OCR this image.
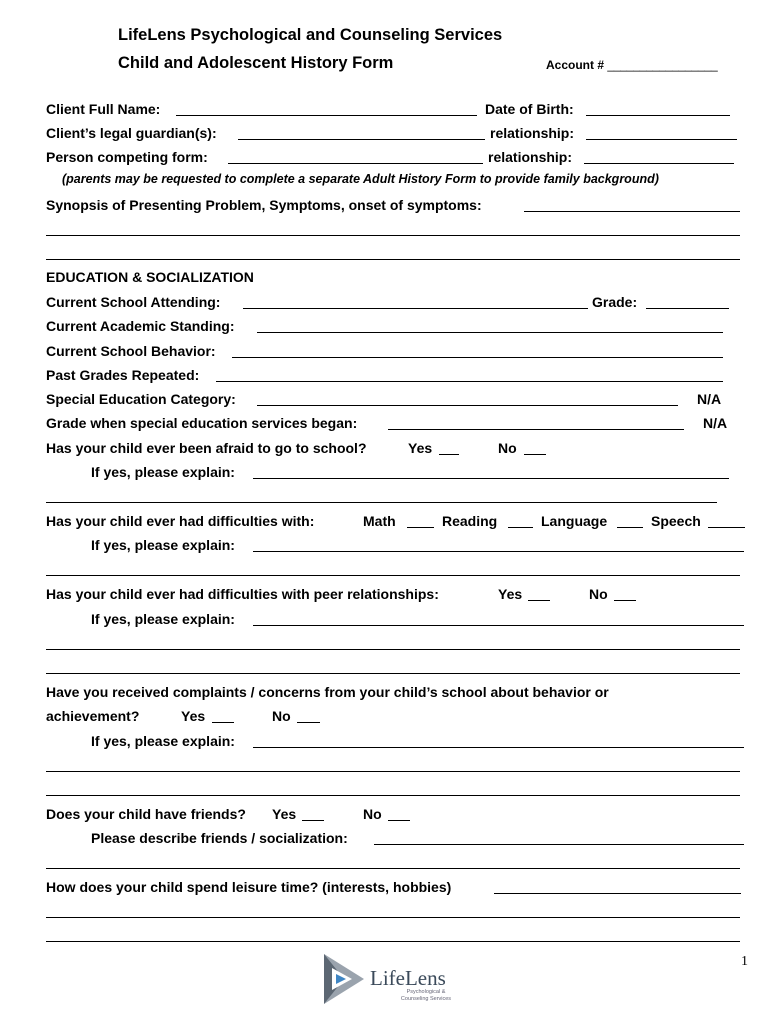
LifeLens Psychological and Counseling Services
Child and Adolescent History Form	Account # _________________
Client Full Name:	Date of Birth:
Client’s legal guardian(s):	relationship:
Person competing form:	relationship:
(parents may be requested to complete a separate Adult History Form to provide family background)
Synopsis of Presenting Problem, Symptoms, onset of symptoms:
EDUCATION & SOCIALIZATION
Current School Attending:	Grade:
Current Academic Standing:
Current School Behavior:
Past Grades Repeated:
Special Education Category:	N/A
Grade when special education services began:	N/A
Has your child ever been afraid to go to school?	Yes	No
If yes, please explain:
Has your child ever had difficulties with:	Math	Reading	Language	Speech
If yes, please explain:
Has your child ever had difficulties with peer relationships:	Yes	No
If yes, please explain:
Have you received complaints / concerns from your child’s school about behavior or
achievement?	Yes	No
If yes, please explain:
Does your child have friends? Yes	No
Please describe friends / socialization:
How does your child spend leisure time? (interests, hobbies)
1
LifeLens
Psychological &
Counseling Services
